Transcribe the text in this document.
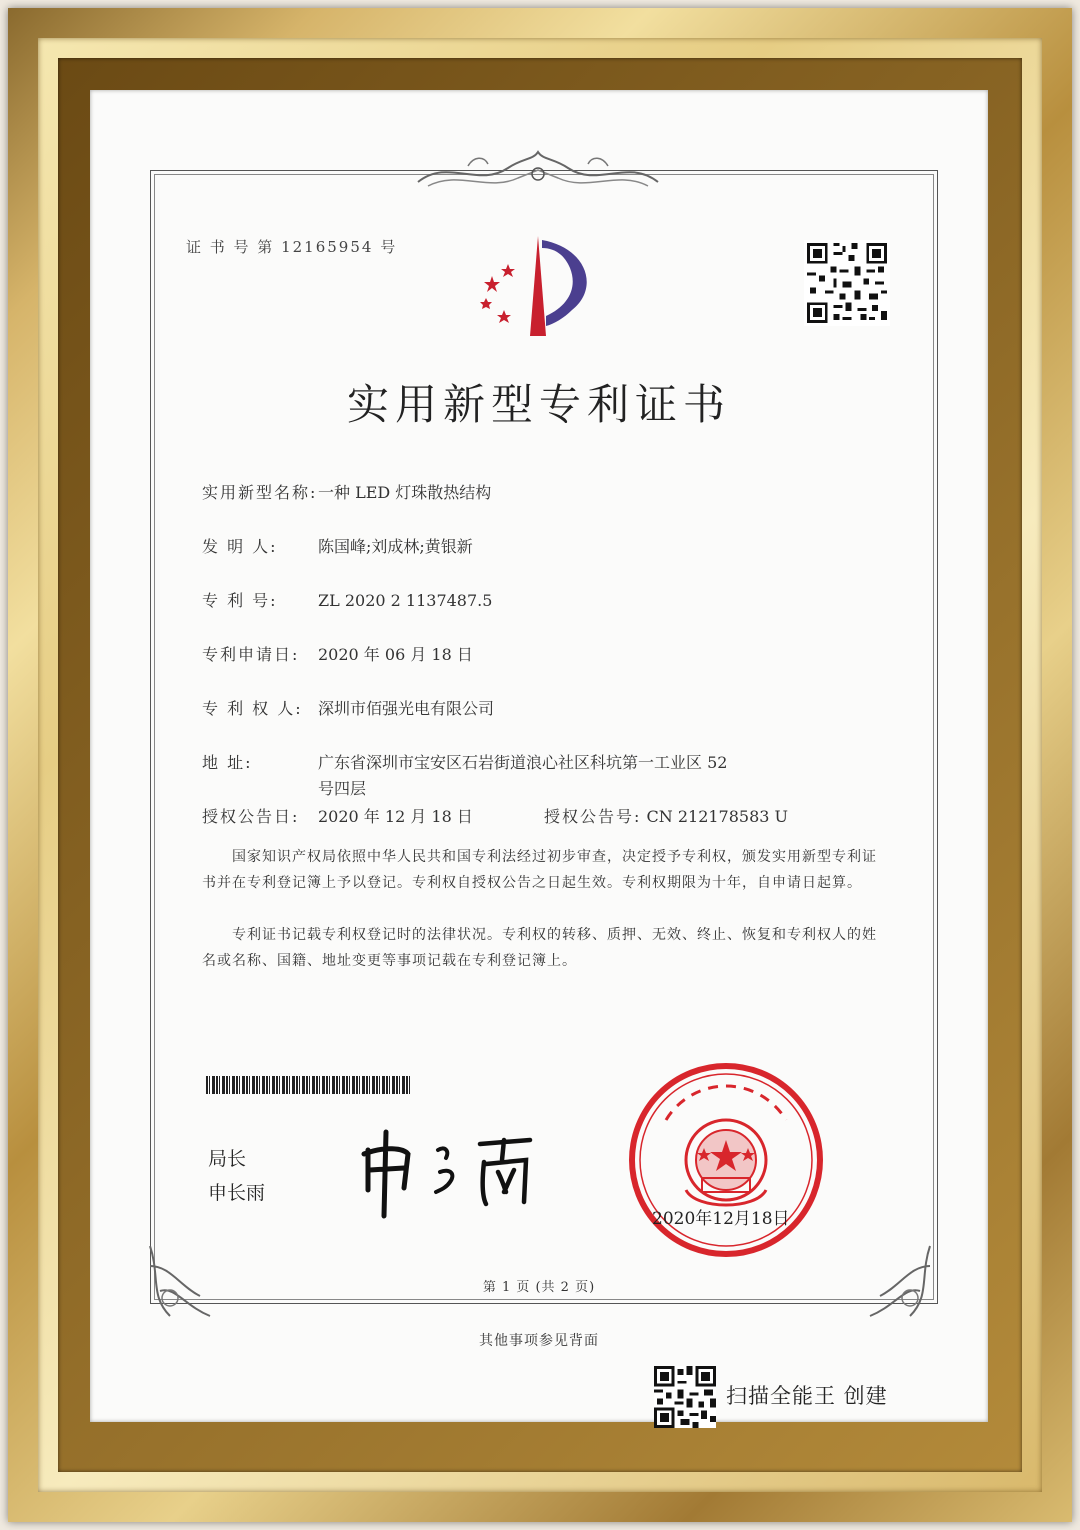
证 书 号 第 12165954 号
实用新型专利证书
实用新型名称:一种 LED 灯珠散热结构
发 明 人:	陈国峰;刘成林;黄银新
专 利 号:	ZL 2020 2 1137487.5
专利申请日: 2020 年 06 月 18 日
专 利 权 人: 深圳市佰强光电有限公司
地 址:	广东省深圳市宝安区石岩街道浪心社区科坑第一工业区 52
号四层
授权公告日: 2020 年 12 月 18 日	授权公告号: CN 212178583 U
国家知识产权局依照中华人民共和国专利法经过初步审查，决定授予专利权，颁发实用新型专利证书并在专利登记簿上予以登记。专利权自授权公告之日起生效。专利权期限为十年，自申请日起算。
专利证书记载专利权登记时的法律状况。专利权的转移、质押、无效、终止、恢复和专利权人的姓名或名称、国籍、地址变更等事项记载在专利登记簿上。
局长
申长雨
2020年12月18日
第 1 页 (共 2 页)
其他事项参见背面
扫描全能王 创建
